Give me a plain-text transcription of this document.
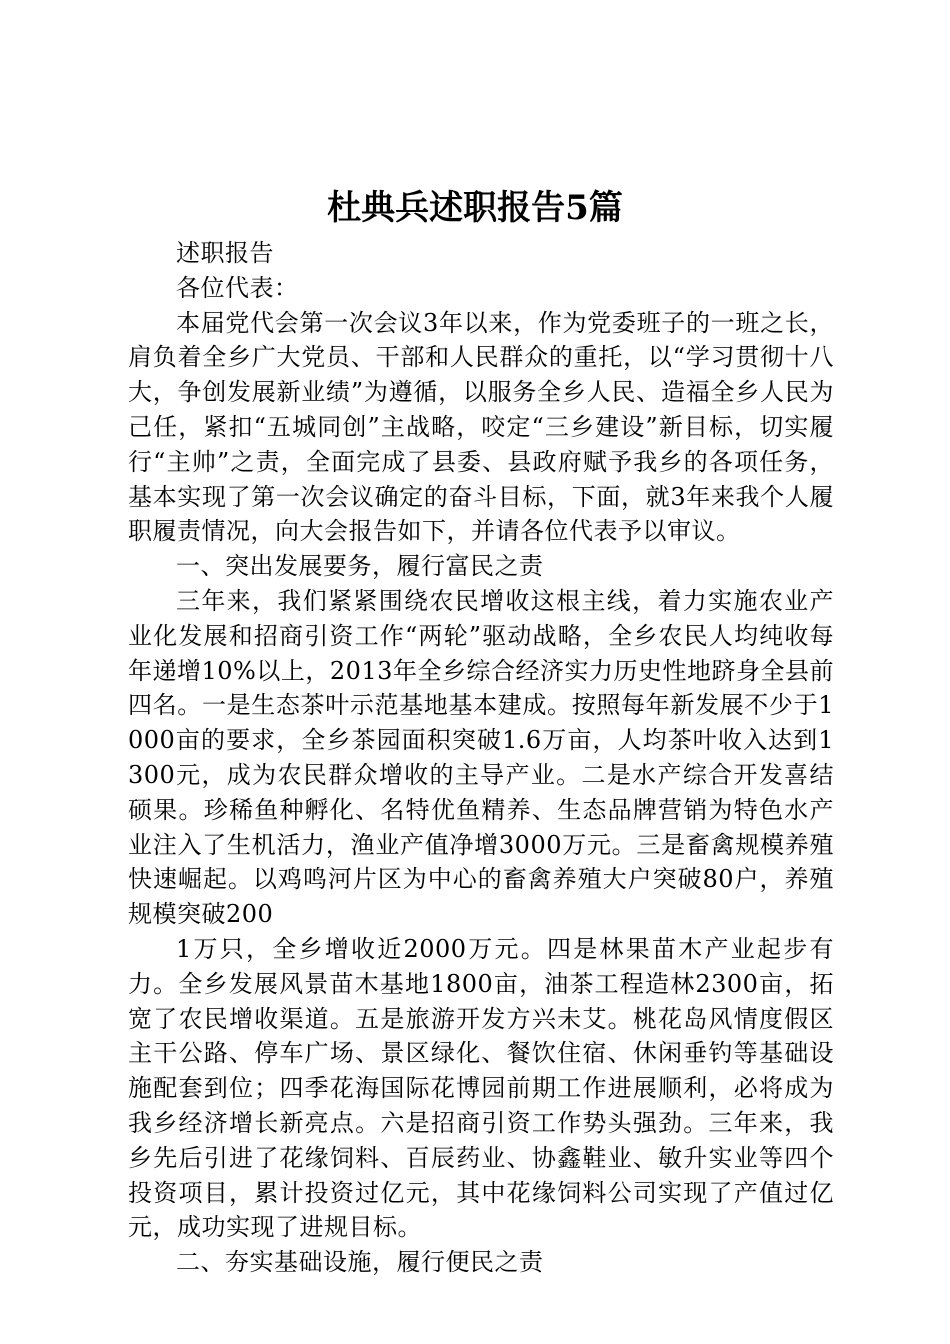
杜典兵述职报告5篇

述职报告

各位代表：

本届党代会第一次会议3年以来，作为党委班子的一班之长，肩负着全乡广大党员、干部和人民群众的重托，以“学习贯彻十八大，争创发展新业绩”为遵循，以服务全乡人民、造福全乡人民为己任，紧扣“五城同创”主战略，咬定“三乡建设”新目标，切实履行“主帅”之责，全面完成了县委、县政府赋予我乡的各项任务，基本实现了第一次会议确定的奋斗目标，下面，就3年来我个人履职履责情况，向大会报告如下，并请各位代表予以审议。

一、突出发展要务，履行富民之责

三年来，我们紧紧围绕农民增收这根主线，着力实施农业产业化发展和招商引资工作“两轮”驱动战略，全乡农民人均纯收每年递增10%以上，2013年全乡综合经济实力历史性地跻身全县前四名。一是生态茶叶示范基地基本建成。按照每年新发展不少于1000亩的要求，全乡茶园面积突破1.6万亩，人均茶叶收入达到1300元，成为农民群众增收的主导产业。二是水产综合开发喜结硕果。珍稀鱼种孵化、名特优鱼精养、生态品牌营销为特色水产业注入了生机活力，渔业产值净增3000万元。三是畜禽规模养殖快速崛起。以鸡鸣河片区为中心的畜禽养殖大户突破80户，养殖规模突破200

1万只，全乡增收近2000万元。四是林果苗木产业起步有力。全乡发展风景苗木基地1800亩，油茶工程造林2300亩，拓宽了农民增收渠道。五是旅游开发方兴未艾。桃花岛风情度假区主干公路、停车广场、景区绿化、餐饮住宿、休闲垂钓等基础设施配套到位；四季花海国际花博园前期工作进展顺利，必将成为我乡经济增长新亮点。六是招商引资工作势头强劲。三年来，我乡先后引进了花缘饲料、百辰药业、协鑫鞋业、敏升实业等四个投资项目，累计投资过亿元，其中花缘饲料公司实现了产值过亿元，成功实现了进规目标。

二、夯实基础设施，履行便民之责
